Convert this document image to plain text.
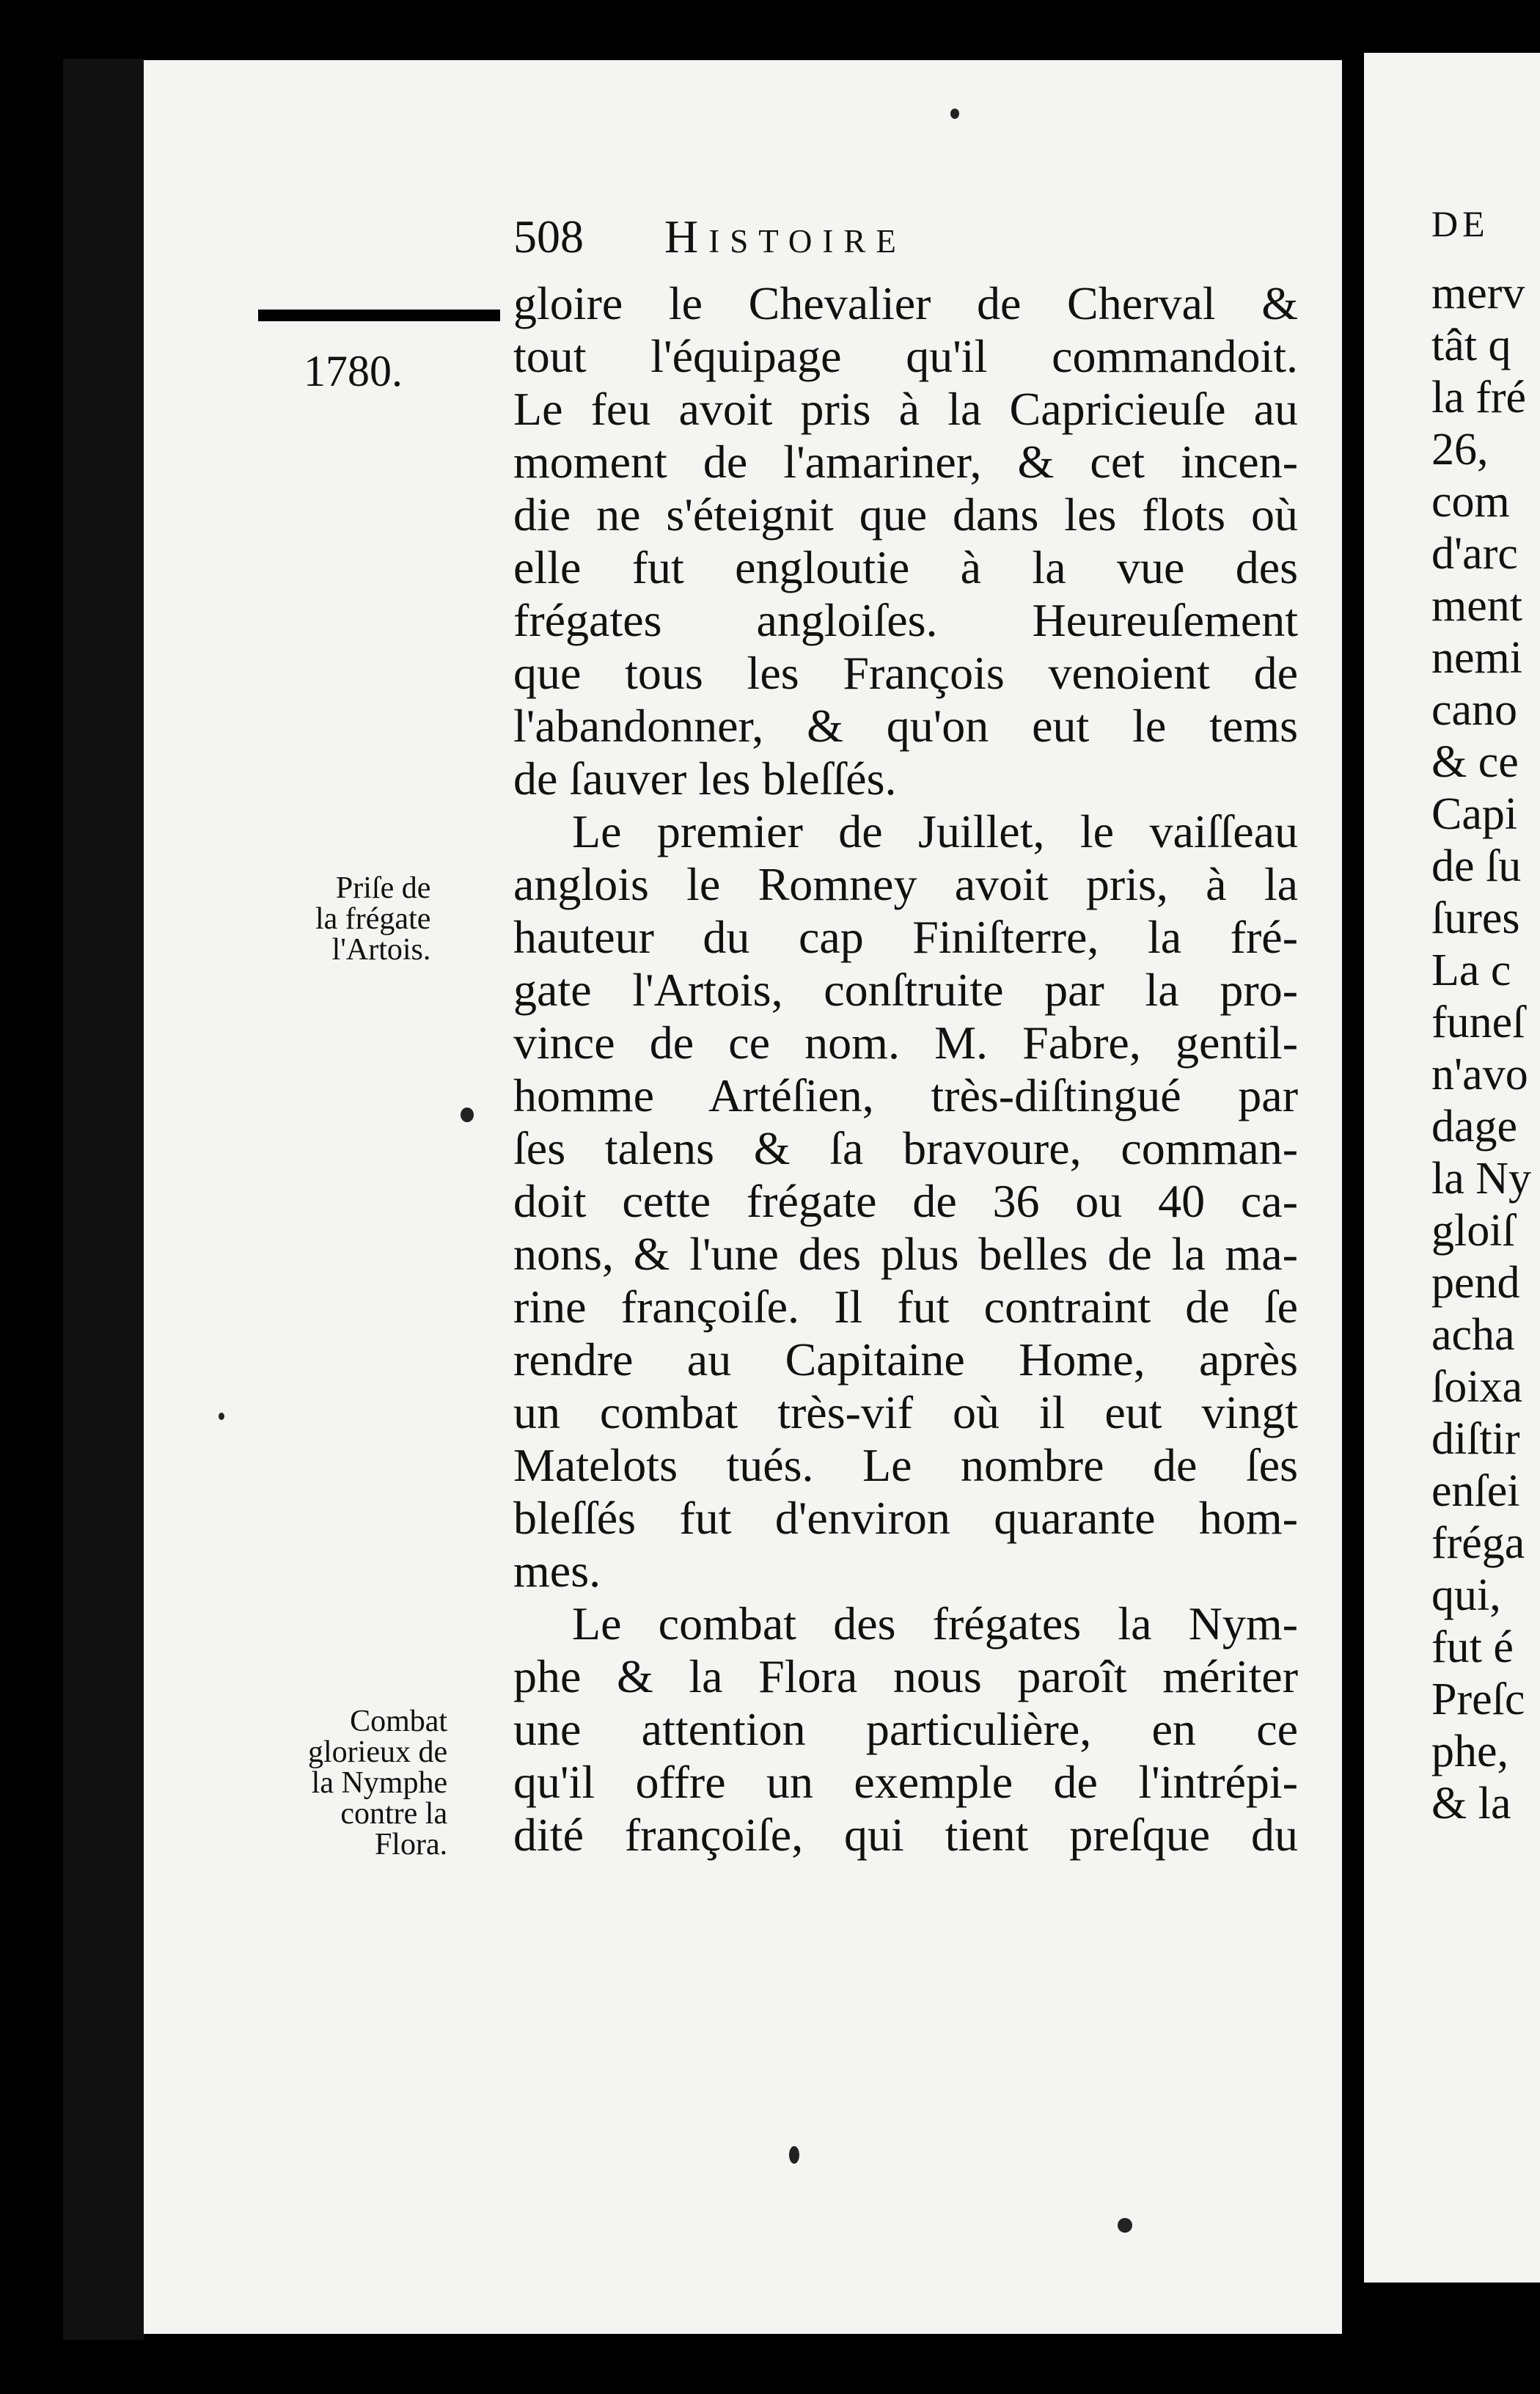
508 Histoire
1780.
Priſe de
la frégate
l'Artois.
Combat
glorieux de
la Nymphe
contre la
Flora.
gloire le Chevalier de Cherval &
tout l'équipage qu'il commandoit.
Le feu avoit pris à la Capricieuſe au
moment de l'amariner, & cet incen-
die ne s'éteignit que dans les flots où
elle fut engloutie à la vue des
frégates angloiſes. Heureuſement
que tous les François venoient de
l'abandonner, & qu'on eut le tems
de ſauver les bleſſés.
Le premier de Juillet, le vaiſſeau
anglois le Romney avoit pris, à la
hauteur du cap Finiſterre, la fré-
gate l'Artois, conſtruite par la pro-
vince de ce nom. M. Fabre, gentil-
homme Artéſien, très-diſtingué par
ſes talens & ſa bravoure, comman-
doit cette frégate de 36 ou 40 ca-
nons, & l'une des plus belles de la ma-
rine françoiſe. Il fut contraint de ſe
rendre au Capitaine Home, après
un combat très-vif où il eut vingt
Matelots tués. Le nombre de ſes
bleſſés fut d'environ quarante hom-
mes.
Le combat des frégates la Nym-
phe & la Flora nous paroît mériter
une attention particulière, en ce
qu'il offre un exemple de l'intrépi-
dité françoiſe, qui tient preſque du
DE
merv
tât q
la fré
26,
com
d'arc
ment
nemi
cano
& ce
Capi
de ſu
ſures
La c
funeſ
n'avo
dage
la Ny
gloiſ
pend
acha
ſoixa
diſtir
enſei
frégа
qui,
fut é
Preſc
phe,
& la
